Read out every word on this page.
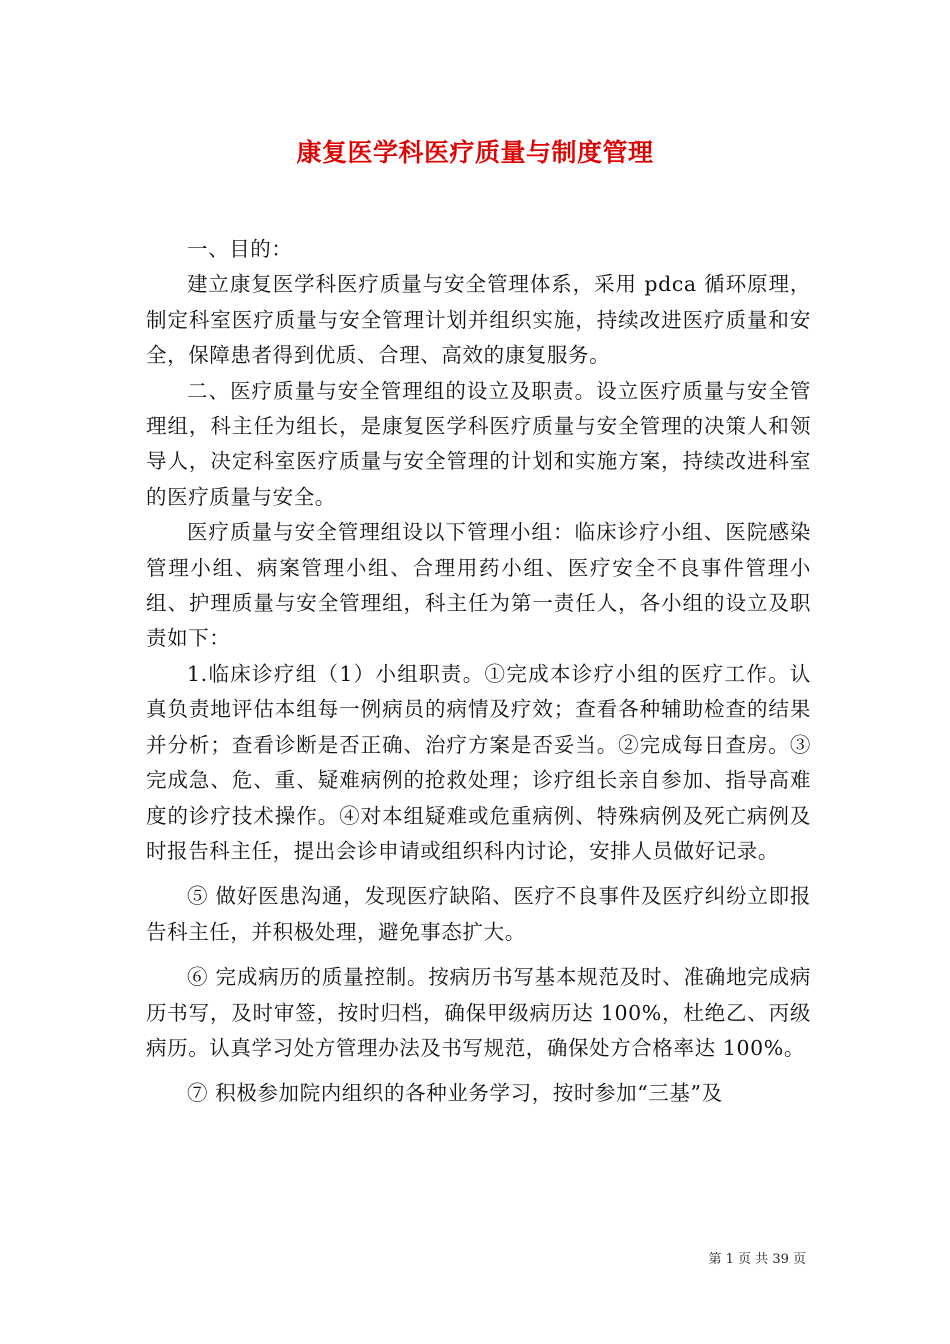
康复医学科医疗质量与制度管理

一、目的：

建立康复医学科医疗质量与安全管理体系，采用 pdca 循环原理，制定科室医疗质量与安全管理计划并组织实施，持续改进医疗质量和安全，保障患者得到优质、合理、高效的康复服务。

二、医疗质量与安全管理组的设立及职责。设立医疗质量与安全管理组，科主任为组长，是康复医学科医疗质量与安全管理的决策人和领导人，决定科室医疗质量与安全管理的计划和实施方案，持续改进科室的医疗质量与安全。

医疗质量与安全管理组设以下管理小组：临床诊疗小组、医院感染管理小组、病案管理小组、合理用药小组、医疗安全不良事件管理小组、护理质量与安全管理组，科主任为第一责任人，各小组的设立及职责如下：

1.临床诊疗组（1）小组职责。①完成本诊疗小组的医疗工作。认真负责地评估本组每一例病员的病情及疗效；查看各种辅助检查的结果并分析；查看诊断是否正确、治疗方案是否妥当。②完成每日查房。③完成急、危、重、疑难病例的抢救处理；诊疗组长亲自参加、指导高难度的诊疗技术操作。④对本组疑难或危重病例、特殊病例及死亡病例及时报告科主任，提出会诊申请或组织科内讨论，安排人员做好记录。

⑤ 做好医患沟通，发现医疗缺陷、医疗不良事件及医疗纠纷立即报告科主任，并积极处理，避免事态扩大。

⑥ 完成病历的质量控制。按病历书写基本规范及时、准确地完成病历书写，及时审签，按时归档，确保甲级病历达 100%，杜绝乙、丙级病历。认真学习处方管理办法及书写规范，确保处方合格率达 100%。

⑦ 积极参加院内组织的各种业务学习，按时参加“三基”及

第 1 页 共 39 页
